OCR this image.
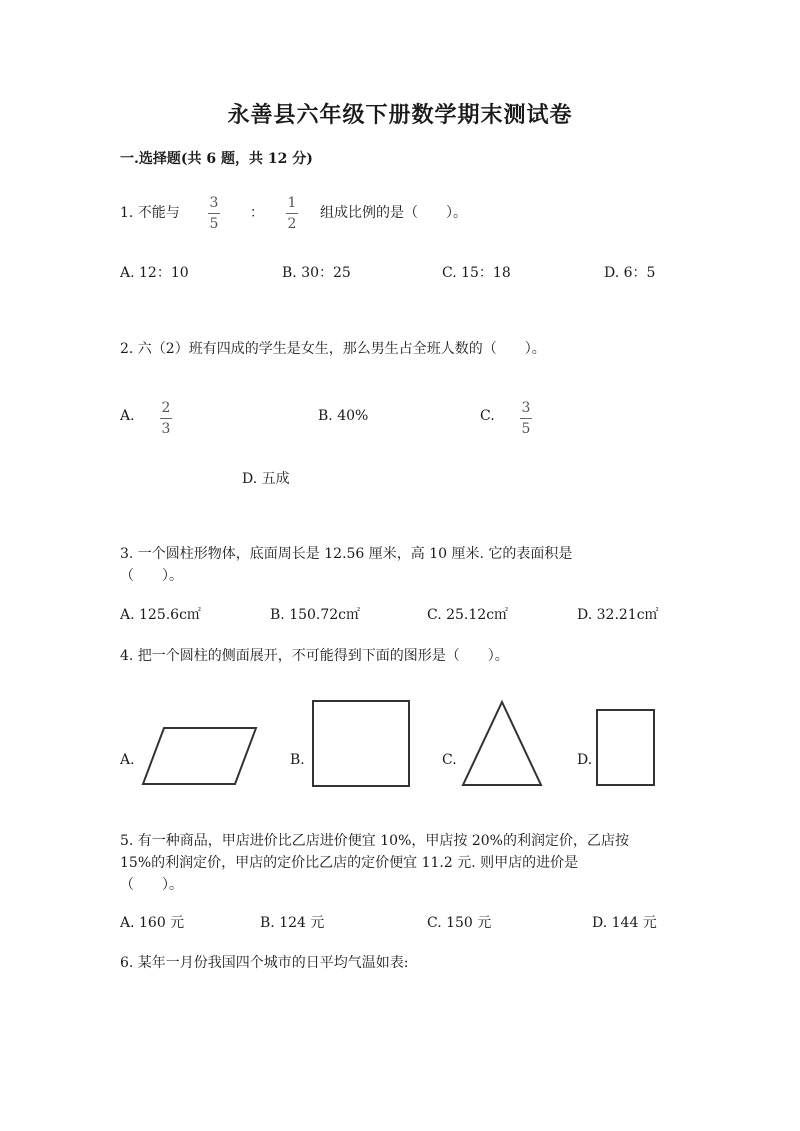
永善县六年级下册数学期末测试卷
一.选择题(共 6 题，共 12 分)
1. 不能与 $\frac{3}{5}$ ： $\frac{1}{2}$ 组成比例的是（　　）。
A. 12：10	B. 30：25	C. 15：18	D. 6：5
2. 六（2）班有四成的学生是女生，那么男生占全班人数的（　　）。
A. $\frac{2}{3}$	B. 40%	C. $\frac{3}{5}$
D. 五成
3. 一个圆柱形物体，底面周长是 12.56 厘米，高 10 厘米. 它的表面积是
（　　）。
A. 125.6c㎡	B. 150.72c㎡	C. 25.12c㎡	D. 32.21c㎡
4. 把一个圆柱的侧面展开，不可能得到下面的图形是（　　）。
A.	B.	C.	D.
5. 有一种商品，甲店进价比乙店进价便宜 10%，甲店按 20%的利润定价，乙店按
15%的利润定价，甲店的定价比乙店的定价便宜 11.2 元. 则甲店的进价是
（　　）。
A. 160 元	B. 124 元	C. 150 元	D. 144 元
6. 某年一月份我国四个城市的日平均气温如表:
